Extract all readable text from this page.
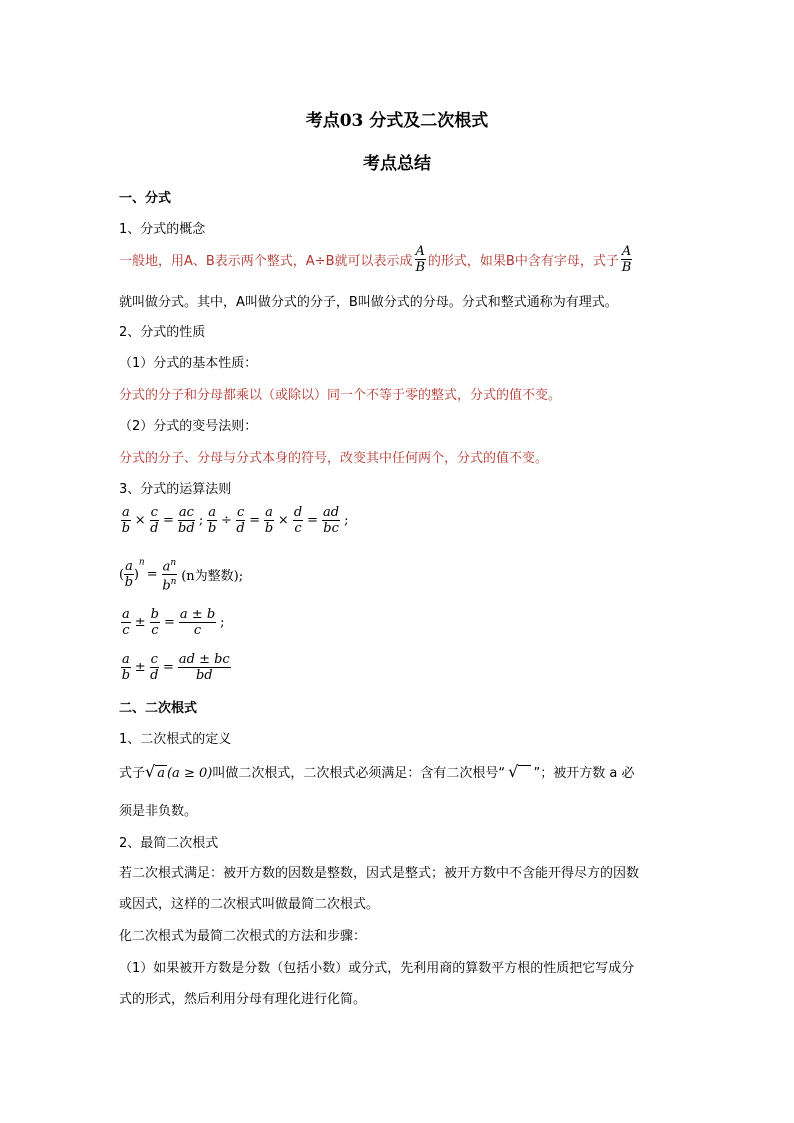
考点03 分式及二次根式
考点总结
一、分式
1、分式的概念
一般地，用A、B表示两个整式，A÷B就可以表示成 $\frac{A}{B}$ 的形式，如果B中含有字母，式子 $\frac{A}{B}$
就叫做分式。其中，A叫做分式的分子，B叫做分式的分母。分式和整式通称为有理式。
2、分式的性质
（1）分式的基本性质：
分式的分子和分母都乘以（或除以）同一个不等于零的整式，分式的值不变。
（2）分式的变号法则：
分式的分子、分母与分式本身的符号，改变其中任何两个，分式的值不变。
3、分式的运算法则
$\frac{a}{b} \times \frac{c}{d} = \frac{ac}{bd}$ ; $\frac{a}{b} \div \frac{c}{d} = \frac{a}{b} \times \frac{d}{c} = \frac{ad}{bc}$ ;
( $\frac{a}{b} )^n= \frac{a^n}{b^n} (n$为整数);
$\frac{a}{c} \pm \frac{b}{c} = \frac{a \pm b}{c}$ ;
$\frac{a}{b} \pm \frac{c}{d} = \frac{ad \pm bc}{bd}$
二、二次根式
1、二次根式的定义
式子√ a (a ≥ 0)叫做二次根式，二次根式必须满足：含有二次根号“ √ ”；被开方数 a 必
须是非负数。
2、最简二次根式
若二次根式满足：被开方数的因数是整数，因式是整式；被开方数中不含能开得尽方的因数
或因式，这样的二次根式叫做最简二次根式。
化二次根式为最简二次根式的方法和步骤：
（1）如果被开方数是分数（包括小数）或分式，先利用商的算数平方根的性质把它写成分
式的形式，然后利用分母有理化进行化简。
